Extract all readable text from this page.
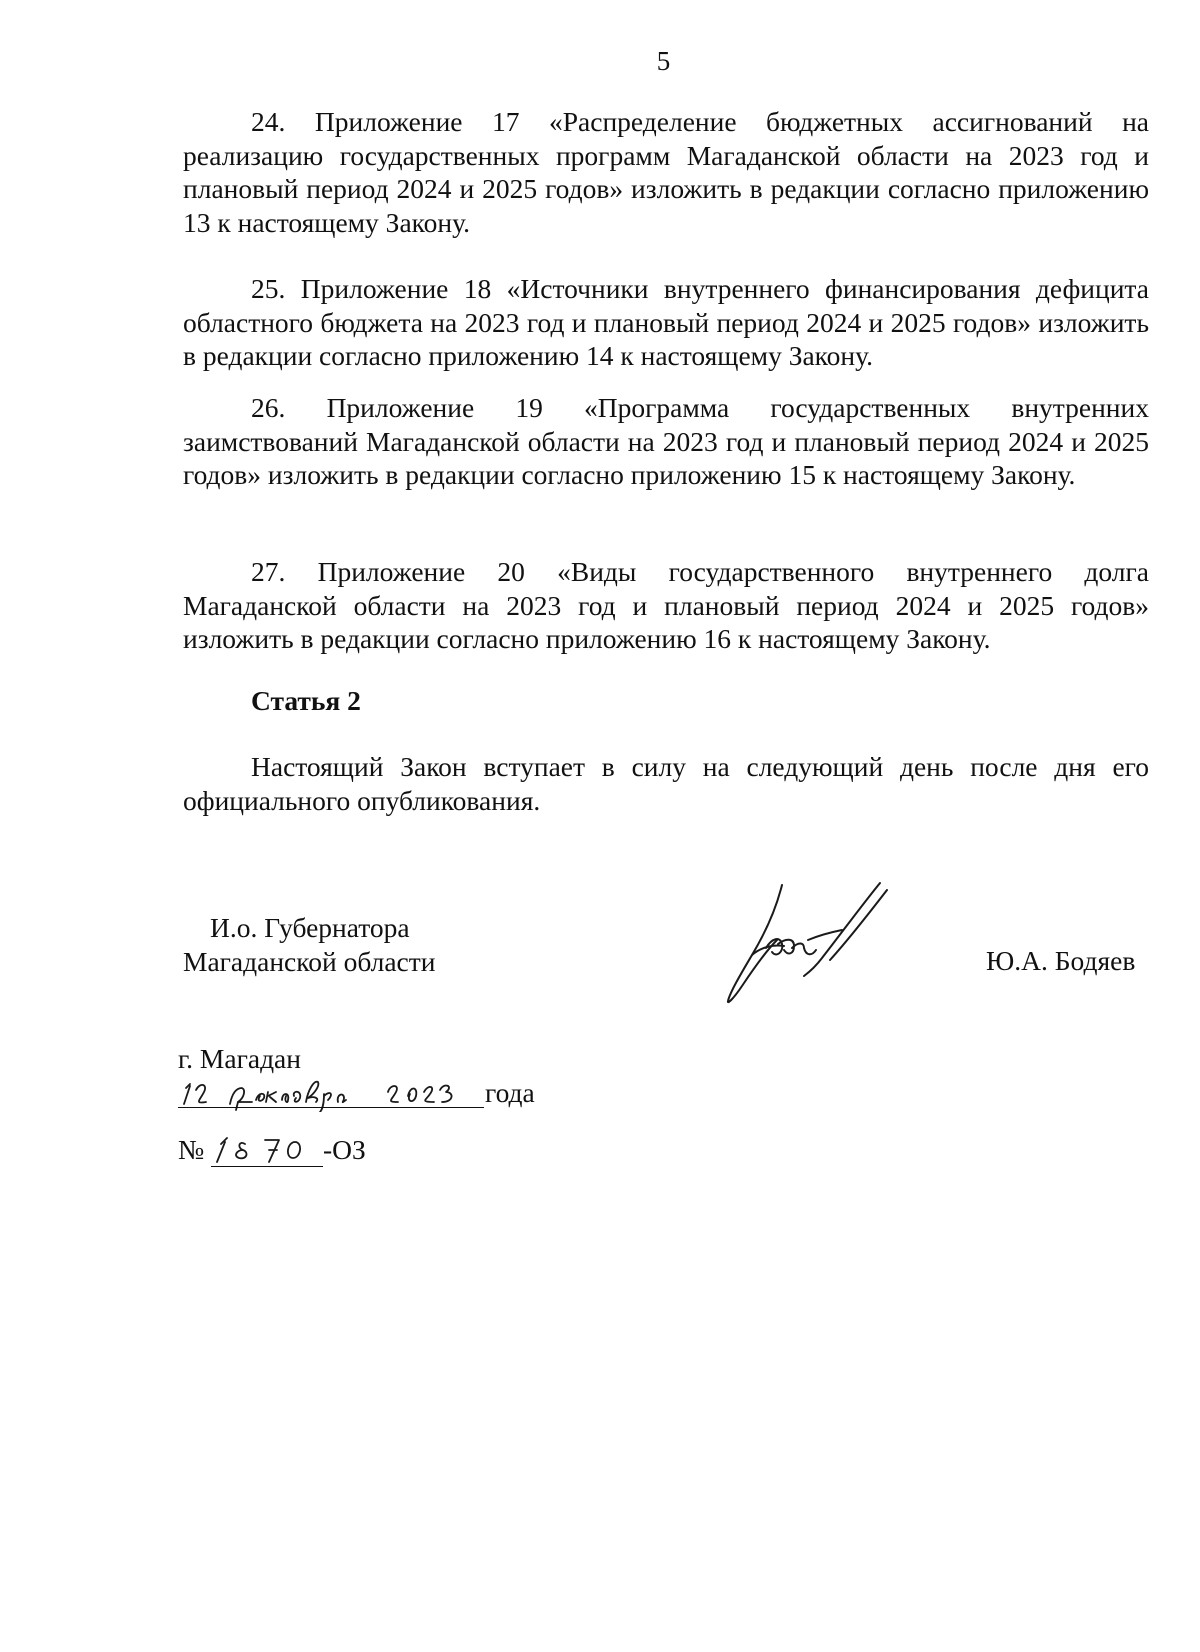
5

24. Приложение 17 «Распределение бюджетных ассигнований на реализацию государственных программ Магаданской области на 2023 год и плановый период 2024 и 2025 годов» изложить в редакции согласно приложению 13 к настоящему Закону.

25. Приложение 18 «Источники внутреннего финансирования дефицита областного бюджета на 2023 год и плановый период 2024 и 2025 годов» изложить в редакции согласно приложению 14 к настоящему Закону.

26. Приложение 19 «Программа государственных внутренних заимствований Магаданской области на 2023 год и плановый период 2024 и 2025 годов» изложить в редакции согласно приложению 15 к настоящему Закону.

27. Приложение 20 «Виды государственного внутреннего долга Магаданской области на 2023 год и плановый период 2024 и 2025 годов» изложить в редакции согласно приложению 16 к настоящему Закону.

Статья 2

Настоящий Закон вступает в силу на следующий день после дня его официального опубликования.

И.о. Губернатора
Магаданской области	Ю.А. Бодяев
г. Магадан
года
№	-ОЗ
